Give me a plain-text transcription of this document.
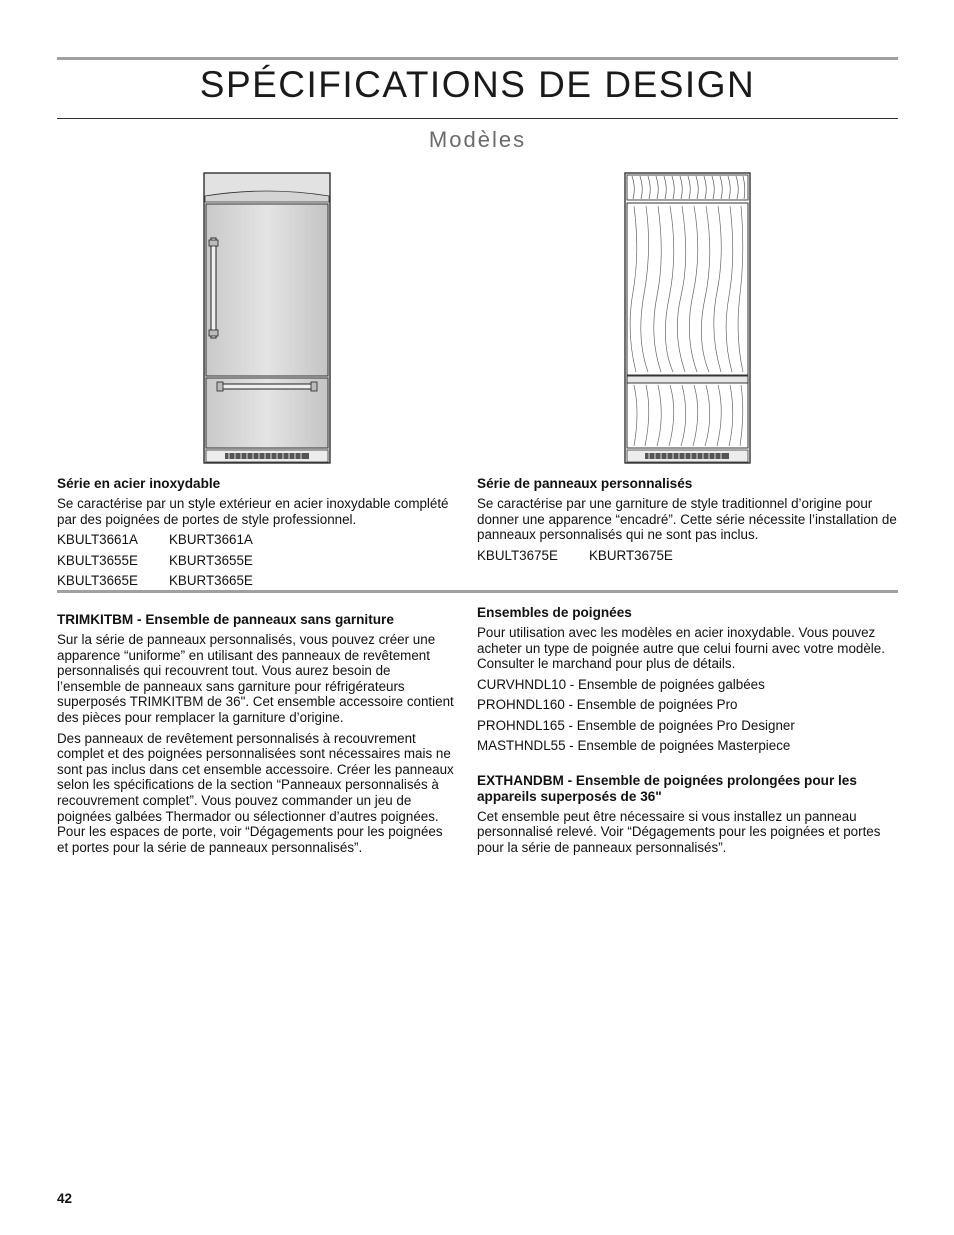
SPÉCIFICATIONS DE DESIGN
Modèles
Série en acier inoxydable

Se caractérise par un style extérieur en acier inoxydable complété par des poignées de portes de style professionnel.

KBULT3661A	KBURT3661A
KBULT3655E	KBURT3655E
KBULT3665E	KBURT3665E
Série de panneaux personnalisés

Se caractérise par une garniture de style traditionnel d’origine pour donner une apparence “encadré”. Cette série nécessite l’installation de panneaux personnalisés qui ne sont pas inclus.

KBULT3675E	KBURT3675E
TRIMKITBM - Ensemble de panneaux sans garniture

Sur la série de panneaux personnalisés, vous pouvez créer une apparence “uniforme” en utilisant des panneaux de revêtement personnalisés qui recouvrent tout. Vous aurez besoin de l’ensemble de panneaux sans garniture pour réfrigérateurs superposés TRIMKITBM de 36". Cet ensemble accessoire contient des pièces pour remplacer la garniture d’origine.

Des panneaux de revêtement personnalisés à recouvrement complet et des poignées personnalisées sont nécessaires mais ne sont pas inclus dans cet ensemble accessoire. Créer les panneaux selon les spécifications de la section “Panneaux personnalisés à recouvrement complet”. Vous pouvez commander un jeu de poignées galbées Thermador ou sélectionner d’autres poignées. Pour les espaces de porte, voir “Dégagements pour les poignées et portes pour la série de panneaux personnalisés”.

Ensembles de poignées

Pour utilisation avec les modèles en acier inoxydable. Vous pouvez acheter un type de poignée autre que celui fourni avec votre modèle. Consulter le marchand pour plus de détails.

CURVHNDL10 - Ensemble de poignées galbées
PROHNDL160 - Ensemble de poignées Pro
PROHNDL165 - Ensemble de poignées Pro Designer
MASTHNDL55 - Ensemble de poignées Masterpiece
EXTHANDBM - Ensemble de poignées prolongées pour les appareils superposés de 36"

Cet ensemble peut être nécessaire si vous installez un panneau personnalisé relevé. Voir “Dégagements pour les poignées et portes pour la série de panneaux personnalisés”.

42
